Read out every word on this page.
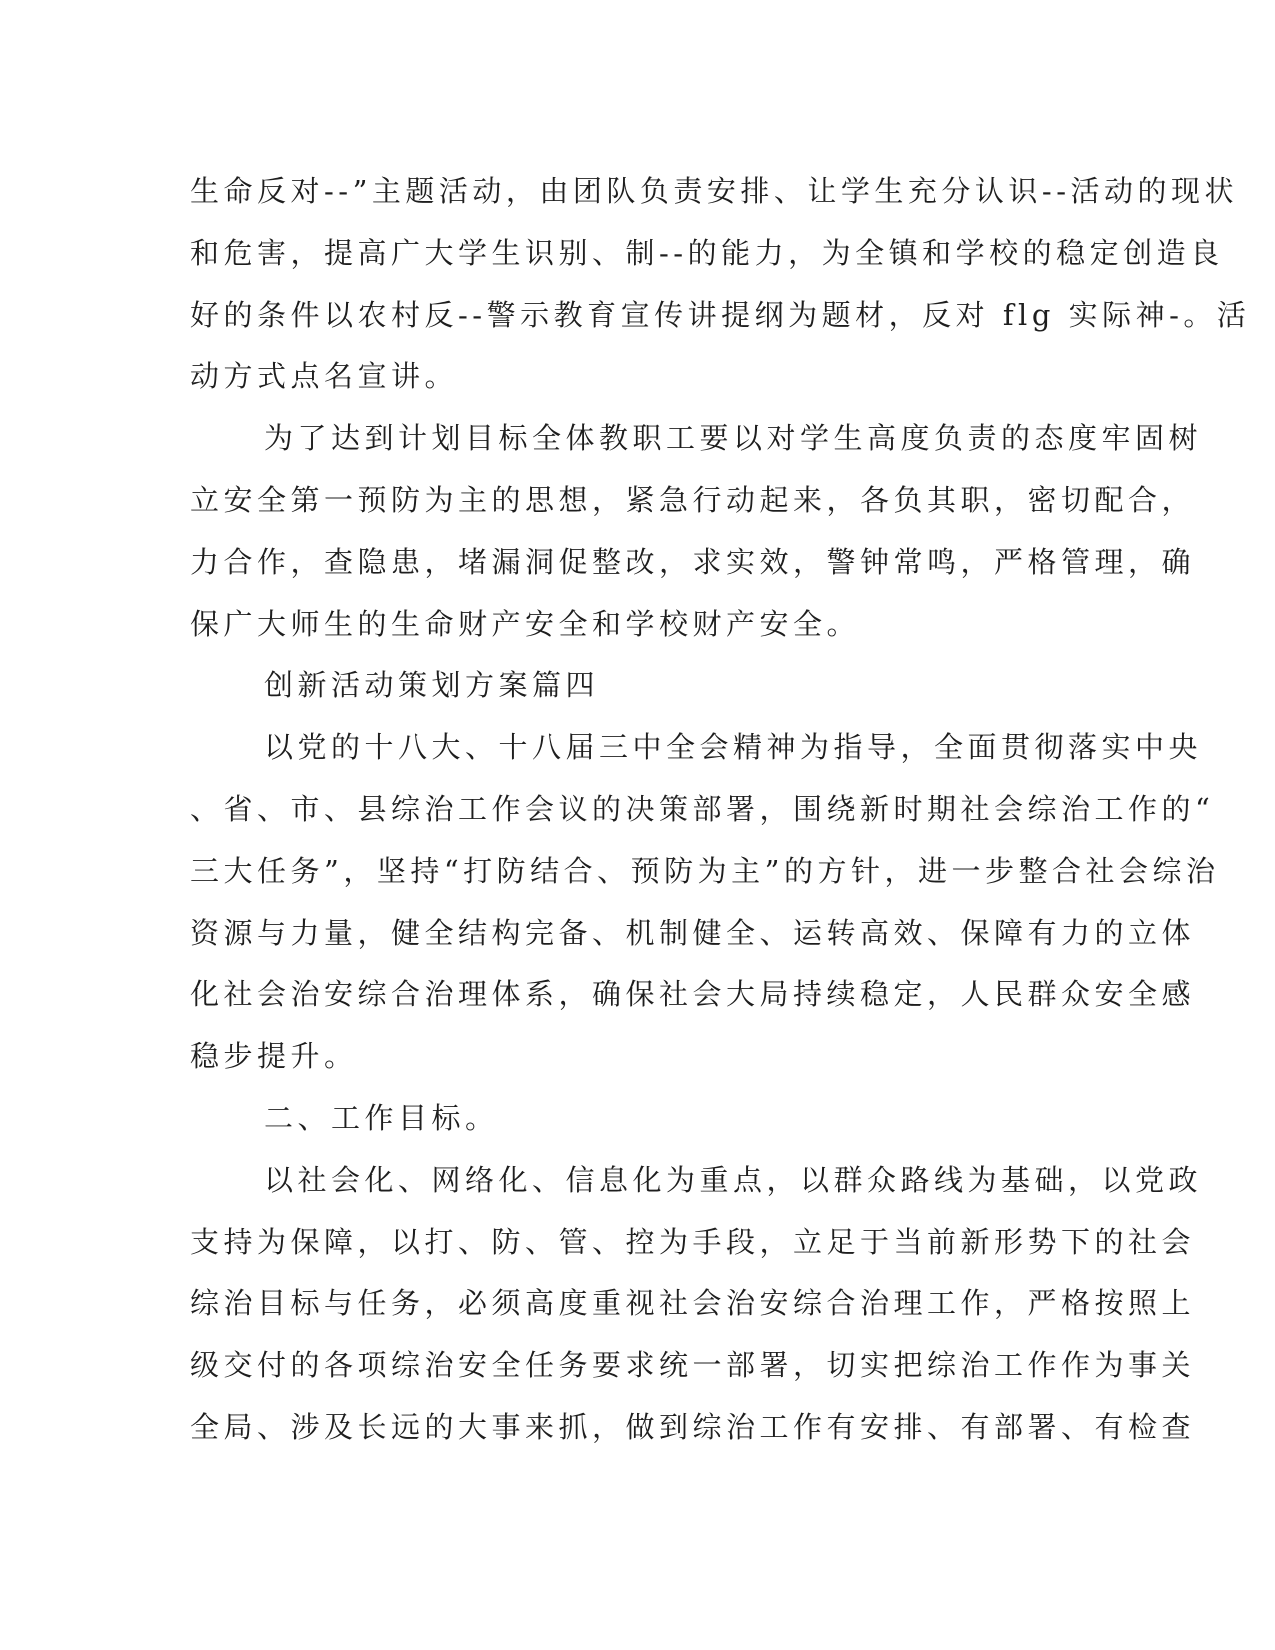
生命反对--”主题活动，由团队负责安排、让学生充分认识--活动的现状
和危害，提高广大学生识别、制--的能力，为全镇和学校的稳定创造良
好的条件以农村反--警示教育宣传讲提纲为题材，反对 flg 实际神-。活
动方式点名宣讲。
为了达到计划目标全体教职工要以对学生高度负责的态度牢固树
立安全第一预防为主的思想，紧急行动起来，各负其职，密切配合，
力合作，查隐患，堵漏洞促整改，求实效，警钟常鸣，严格管理，确
保广大师生的生命财产安全和学校财产安全。
创新活动策划方案篇四
以党的十八大、十八届三中全会精神为指导，全面贯彻落实中央
、省、市、县综治工作会议的决策部署，围绕新时期社会综治工作的“
三大任务”，坚持“打防结合、预防为主”的方针，进一步整合社会综治
资源与力量，健全结构完备、机制健全、运转高效、保障有力的立体
化社会治安综合治理体系，确保社会大局持续稳定，人民群众安全感
稳步提升。
二、工作目标。
以社会化、网络化、信息化为重点，以群众路线为基础，以党政
支持为保障，以打、防、管、控为手段，立足于当前新形势下的社会
综治目标与任务，必须高度重视社会治安综合治理工作，严格按照上
级交付的各项综治安全任务要求统一部署，切实把综治工作作为事关
全局、涉及长远的大事来抓，做到综治工作有安排、有部署、有检查
